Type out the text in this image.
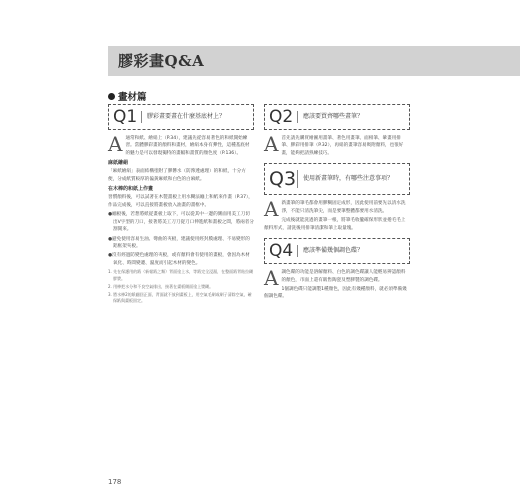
膠彩畫Q&A
畫材篇
Q1	膠彩畫要畫在什麼基底材上？
A 通常和紙、繪絹上（P.34），建議先從容易著色的和紙開始練習。當體膠彩畫的顏料和畫材，繪絹本身有彈性，這種基底材的魅力是可以發現獨特的畫幅和畫質的顏色度（P.136）。

麻紙繪絹

「麻紙繪絹」表面結構塗附了膠礬水（防滲透處理）的和紙，十分方便，分成紙質較厚的偏黃麻紙和白色的白麻紙。

在木棒的和紙上作畫

習慣顏料後，可以試著在木製畫板上用水糊法繃上和紙來作畫（P.37），作品完成後，可以直接將畫板放入油畫的畫框中。

●繃板後，若想將紙從畫板上取下，可以從其中一邊的側面用美工刀切出V字型的刀口，接著將美工刀刀從刀口伸進紙和畫板之間，將兩者分割開來。

●避免使用容易生油、彎曲的夾板，建議使用經封膜處理、不易變形的鋁框架夾板。

●沒有經過防變色處理的夾板，或有顏料會有使用的畫板，會因為木材氧化、時間變遷、濕度而引起木材的變色。

1. 先在保護用的紙（新報紙之類）背面塗上水，等紙完全浸濕，在整面紙背貼拉糊膠漿。

2. 用棒把水分和不良空氣排出，接著在畫板側面塗上漿糊。

3. 將水棒2的紙翻回正面，背面就不放到畫板上，用空氣毛刷或刷子清除空氣，確保紙與畫板固定。

Q2	應該要買齊哪些畫筆？
A 首先請先購買繪圖用畫筆、著色用畫筆、面相筆、暈畫用排筆、膠彩用排筆（P.32），再絹的畫筆容易吸附顏料，也很好畫，能夠把請熟練技巧。

Q3	使用新畫筆時，有哪些注意事項？
A 新畫筆的筆毛都會用膠糊固定成形，因此使用前要先以清水洗淨，不能只清洗筆尖，而是要筆整體都要用水清洗。

完成後就能洗過的畫筆一根，將筆毛收攏確保形狀並捲毛毛上顏料形式，請洗後用排筆清潔和筆上取量塊。

Q4	應該準備幾個調色碟？
A 調色碟的功能是溶解顏料、白色的調色碟讓人能輕易辨認顏料的顏色，市面上還有販售陶瓷及塑膠製的調色碟。

1個調色碟只能調製1種顏色，因此有幾種顏料，就必須準備幾個調色碟。

178
